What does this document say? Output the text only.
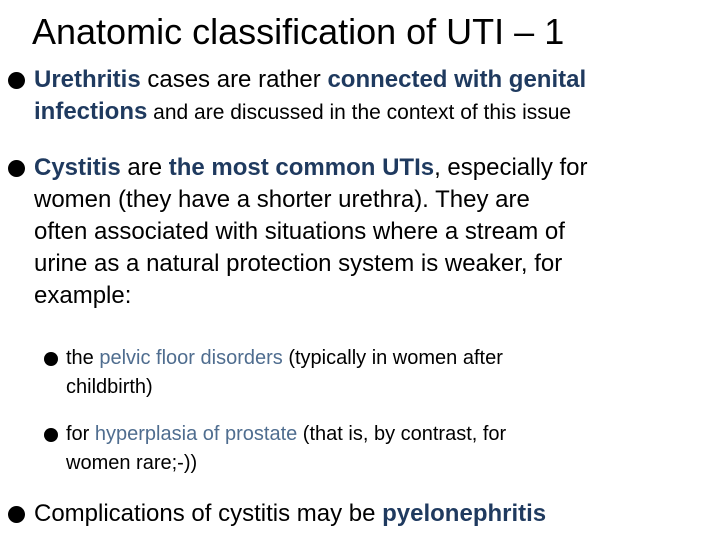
Anatomic classification of UTI – 1
Urethritis cases are rather connected with genital
infections and are discussed in the context of this issue
Cystitis are the most common UTIs, especially for
women (they have a shorter urethra). They are
often associated with situations where a stream of
urine as a natural protection system is weaker, for
example:
the pelvic floor disorders (typically in women after
childbirth)
for hyperplasia of prostate (that is, by contrast, for
women rare;-))
Complications of cystitis may be pyelonephritis
